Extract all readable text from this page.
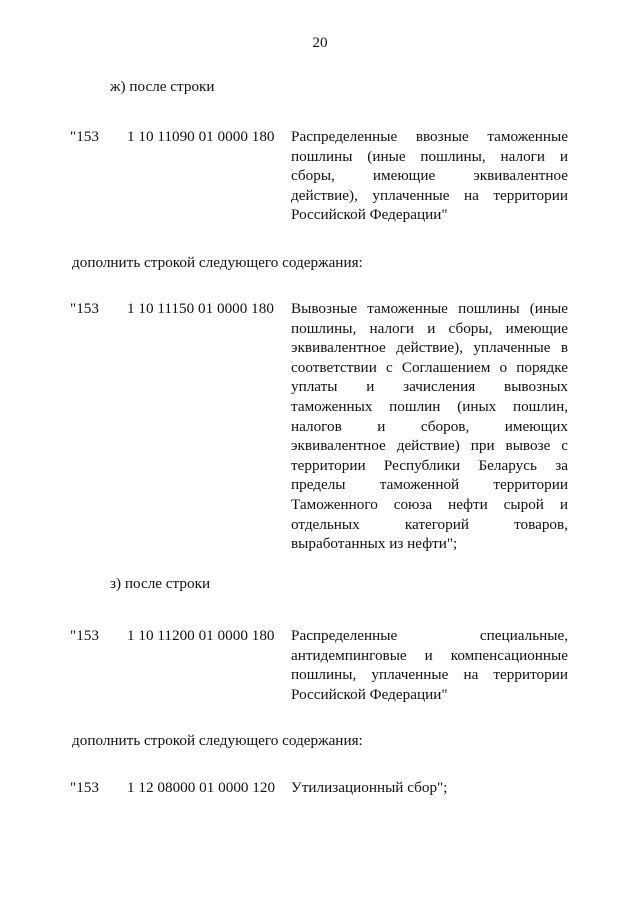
20
ж) после строки
"153 1 10 11090 01 0000 180 Распределенные ввозные таможенные
пошлины (иные пошлины, налоги и
сборы, имеющие эквивалентное
действие), уплаченные на территории
Российской Федерации"
дополнить строкой следующего содержания:
"153 1 10 11150 01 0000 180 Вывозные таможенные пошлины (иные
пошлины, налоги и сборы, имеющие
эквивалентное действие), уплаченные в
соответствии с Соглашением о порядке
уплаты и зачисления вывозных
таможенных пошлин (иных пошлин,
налогов и сборов, имеющих
эквивалентное действие) при вывозе с
территории Республики Беларусь за
пределы таможенной территории
Таможенного союза нефти сырой и
отдельных категорий товаров,
выработанных из нефти";
з) после строки
"153 1 10 11200 01 0000 180 Распределенные специальные,
антидемпинговые и компенсационные
пошлины, уплаченные на территории
Российской Федерации"
дополнить строкой следующего содержания:
"153 1 12 08000 01 0000 120 Утилизационный сбор";
